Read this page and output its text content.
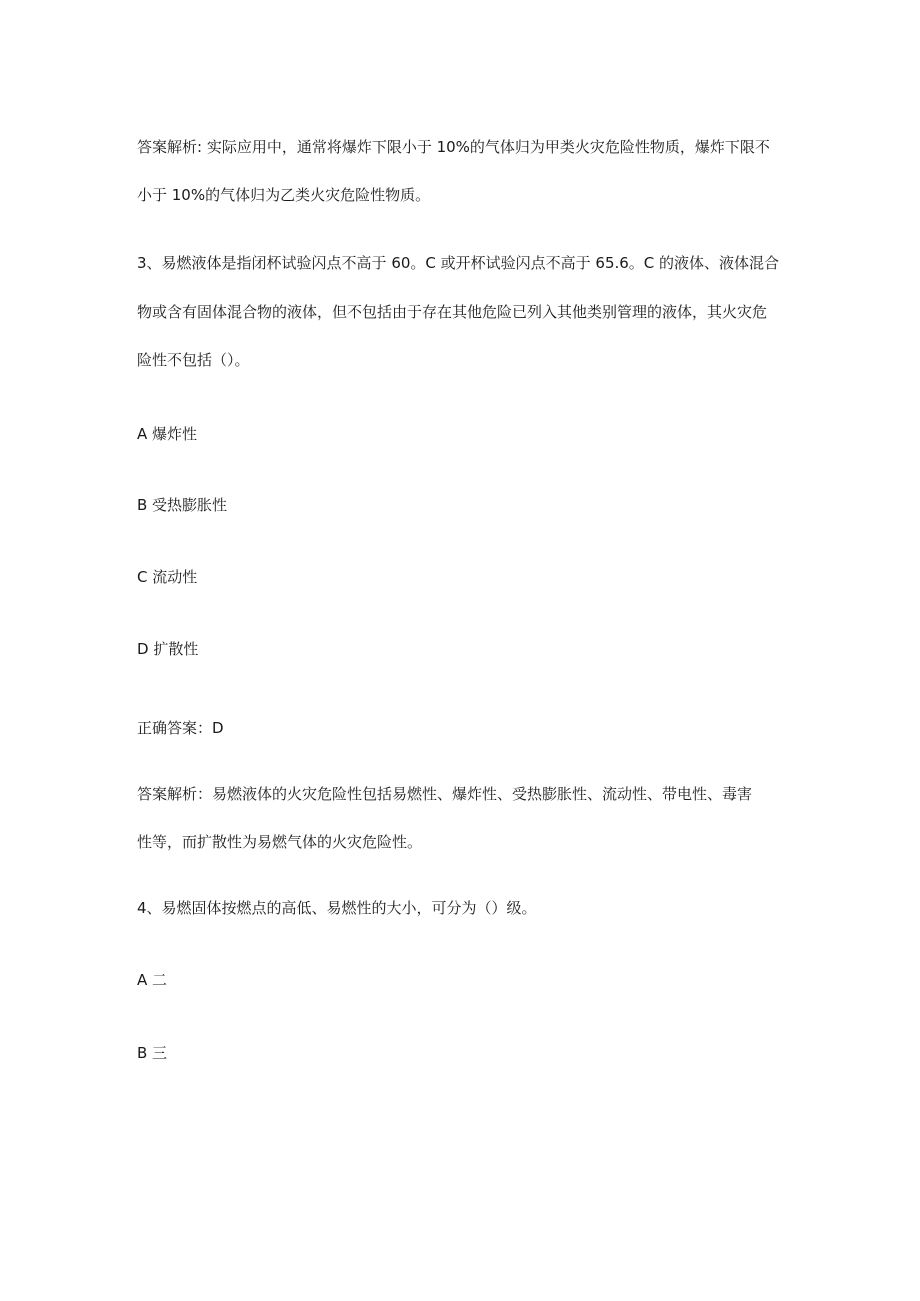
答案解析: 实际应用中，通常将爆炸下限小于 10%的气体归为甲类火灾危险性物质，爆炸下限不
小于 10%的气体归为乙类火灾危险性物质。
3、易燃液体是指闭杯试验闪点不高于 60。C 或开杯试验闪点不高于 65.6。C 的液体、液体混合
物或含有固体混合物的液体，但不包括由于存在其他危险已列入其他类别管理的液体，其火灾危
险性不包括（）。
A 爆炸性
B 受热膨胀性
C 流动性
D 扩散性
正确答案：D
答案解析：易燃液体的火灾危险性包括易燃性、爆炸性、受热膨胀性、流动性、带电性、毒害
性等，而扩散性为易燃气体的火灾危险性。
4、易燃固体按燃点的高低、易燃性的大小，可分为（）级。
A 二
B 三
